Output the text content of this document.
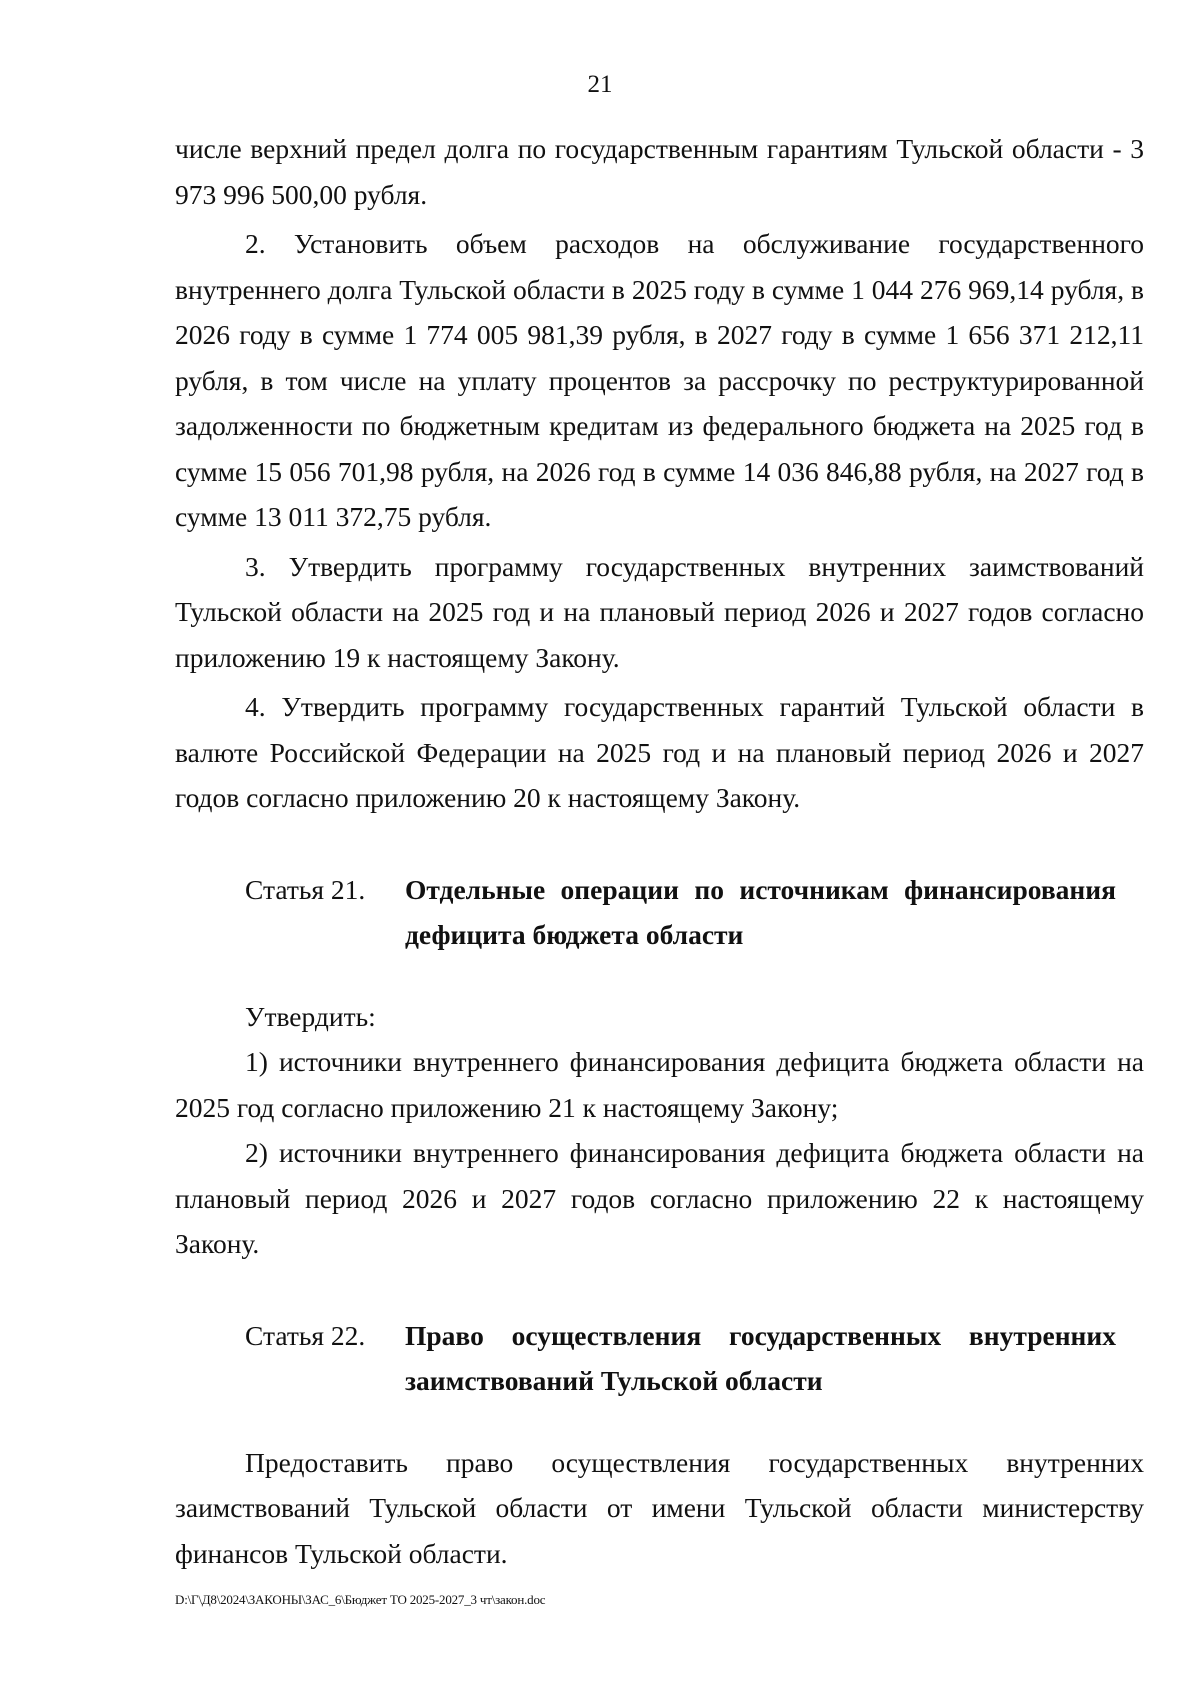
21

числе верхний предел долга по государственным гарантиям Тульской области - 3 973 996 500,00 рубля.

2. Установить объем расходов на обслуживание государственного внутреннего долга Тульской области в 2025 году в сумме 1 044 276 969,14 рубля, в 2026 году в сумме 1 774 005 981,39 рубля, в 2027 году в сумме 1 656 371 212,11 рубля, в том числе на уплату процентов за рассрочку по реструктурированной задолженности по бюджетным кредитам из федерального бюджета на 2025 год в сумме 15 056 701,98 рубля, на 2026 год в сумме 14 036 846,88 рубля, на 2027 год в сумме 13 011 372,75 рубля.

3. Утвердить программу государственных внутренних заимствований Тульской области на 2025 год и на плановый период 2026 и 2027 годов согласно приложению 19 к настоящему Закону.

4. Утвердить программу государственных гарантий Тульской области в валюте Российской Федерации на 2025 год и на плановый период 2026 и 2027 годов согласно приложению 20 к настоящему Закону.

Статья 21.	Отдельные операции по источникам финансирования дефицита бюджета области

Утвердить:

1) источники внутреннего финансирования дефицита бюджета области на 2025 год согласно приложению 21 к настоящему Закону;

2) источники внутреннего финансирования дефицита бюджета области на плановый период 2026 и 2027 годов согласно приложению 22 к настоящему Закону.

Статья 22.	Право осуществления государственных внутренних заимствований Тульской области

Предоставить право осуществления государственных внутренних заимствований Тульской области от имени Тульской области министерству финансов Тульской области.

D:\Г\Д8\2024\ЗАКОНЫ\ЗАС_6\Бюджет ТО 2025-2027_3 чт\закон.doc
